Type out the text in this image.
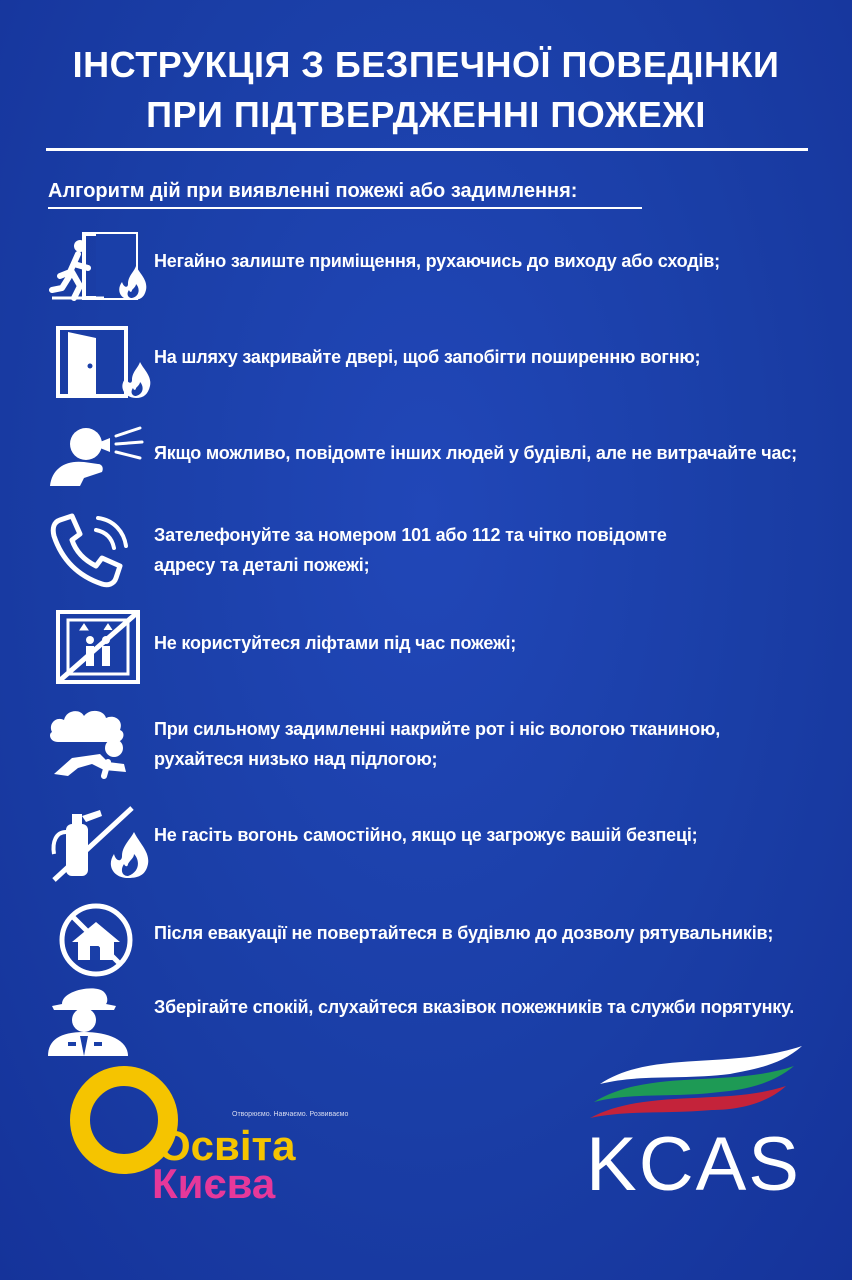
ІНСТРУКЦІЯ З БЕЗПЕЧНОЇ ПОВЕДІНКИ
ПРИ ПІДТВЕРДЖЕННІ ПОЖЕЖІ
Алгоритм дій при виявленні пожежі або задимлення:
Негайно залиште приміщення, рухаючись до виходу або сходів;
На шляху закривайте двері, щоб запобігти поширенню вогню;
Якщо можливо, повідомте інших людей у будівлі, але не витрачайте час;
Зателефонуйте за номером 101 або 112 та чітко повідомте
адресу та деталі пожежі;
Не користуйтеся ліфтами під час пожежі;
При сильному задимленні накрийте рот і ніс вологою тканиною,
рухайтеся низько над підлогою;
Не гасіть вогонь самостійно, якщо це загрожує вашій безпеці;
Після евакуації не повертайтеся в будівлю до дозволу рятувальників;
Зберігайте спокій, слухайтеся вказівок пожежників та служби порятунку.
Освіта
Києва
Отворюємо. Навчаємо. Розвиваємо
KCAS
